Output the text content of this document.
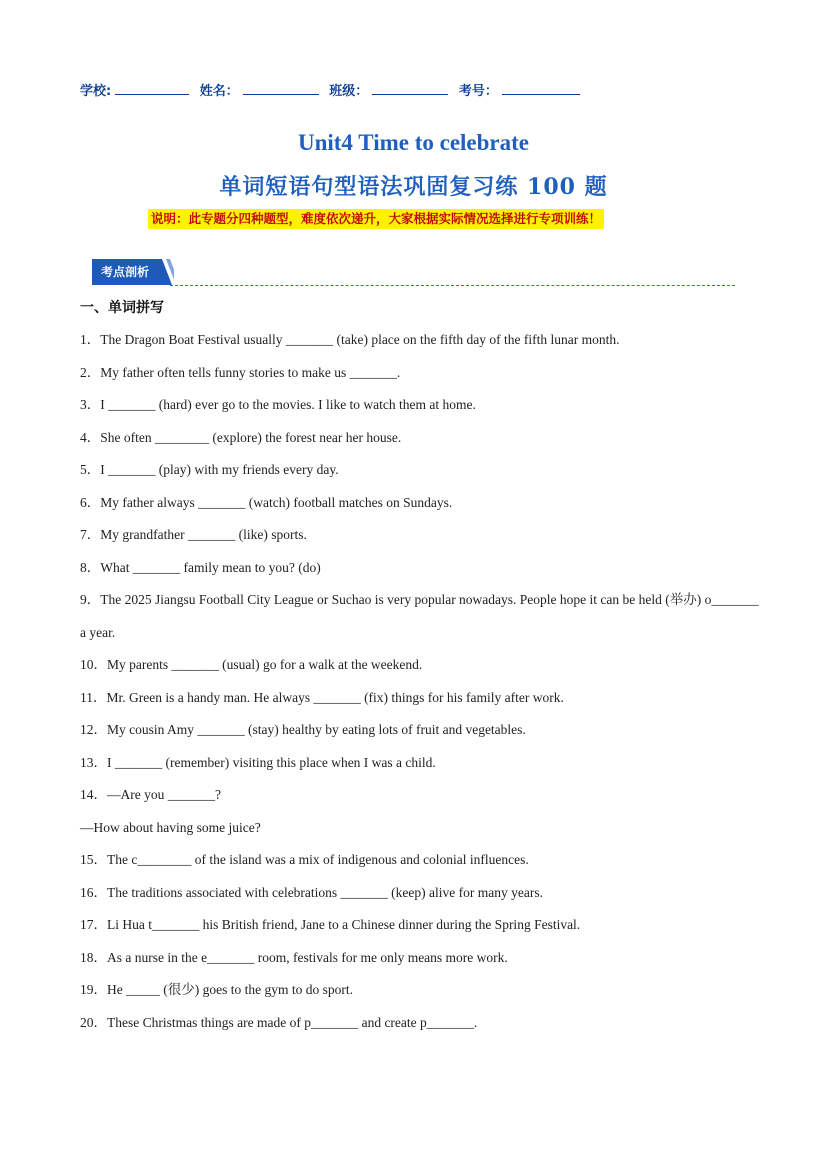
学校:	姓名：	班级：	考号：
Unit4 Time to celebrate
单词短语句型语法巩固复习练 100 题
说明：此专题分四种题型，难度依次递升，大家根据实际情况选择进行专项训练！
考点剖析
一、单词拼写
1．The Dragon Boat Festival usually _______ (take) place on the fifth day of the fifth lunar month.
2．My father often tells funny stories to make us _______.
3．I _______ (hard) ever go to the movies. I like to watch them at home.
4．She often ________ (explore) the forest near her house.
5．I _______ (play) with my friends every day.
6．My father always _______ (watch) football matches on Sundays.
7．My grandfather _______ (like) sports.
8．What _______ family mean to you? (do)
9．The 2025 Jiangsu Football City League or Suchao is very popular nowadays. People hope it can be held (举办) o_______ a year.
10．My parents _______ (usual) go for a walk at the weekend.
11．Mr. Green is a handy man. He always _______ (fix) things for his family after work.
12．My cousin Amy _______ (stay) healthy by eating lots of fruit and vegetables.
13．I _______ (remember) visiting this place when I was a child.
14．—Are you _______?
—How about having some juice?
15．The c________ of the island was a mix of indigenous and colonial influences.
16．The traditions associated with celebrations _______ (keep) alive for many years.
17．Li Hua t_______ his British friend, Jane to a Chinese dinner during the Spring Festival.
18．As a nurse in the e_______ room, festivals for me only means more work.
19．He _____ (很少) goes to the gym to do sport.
20．These Christmas things are made of p_______ and create p_______.
